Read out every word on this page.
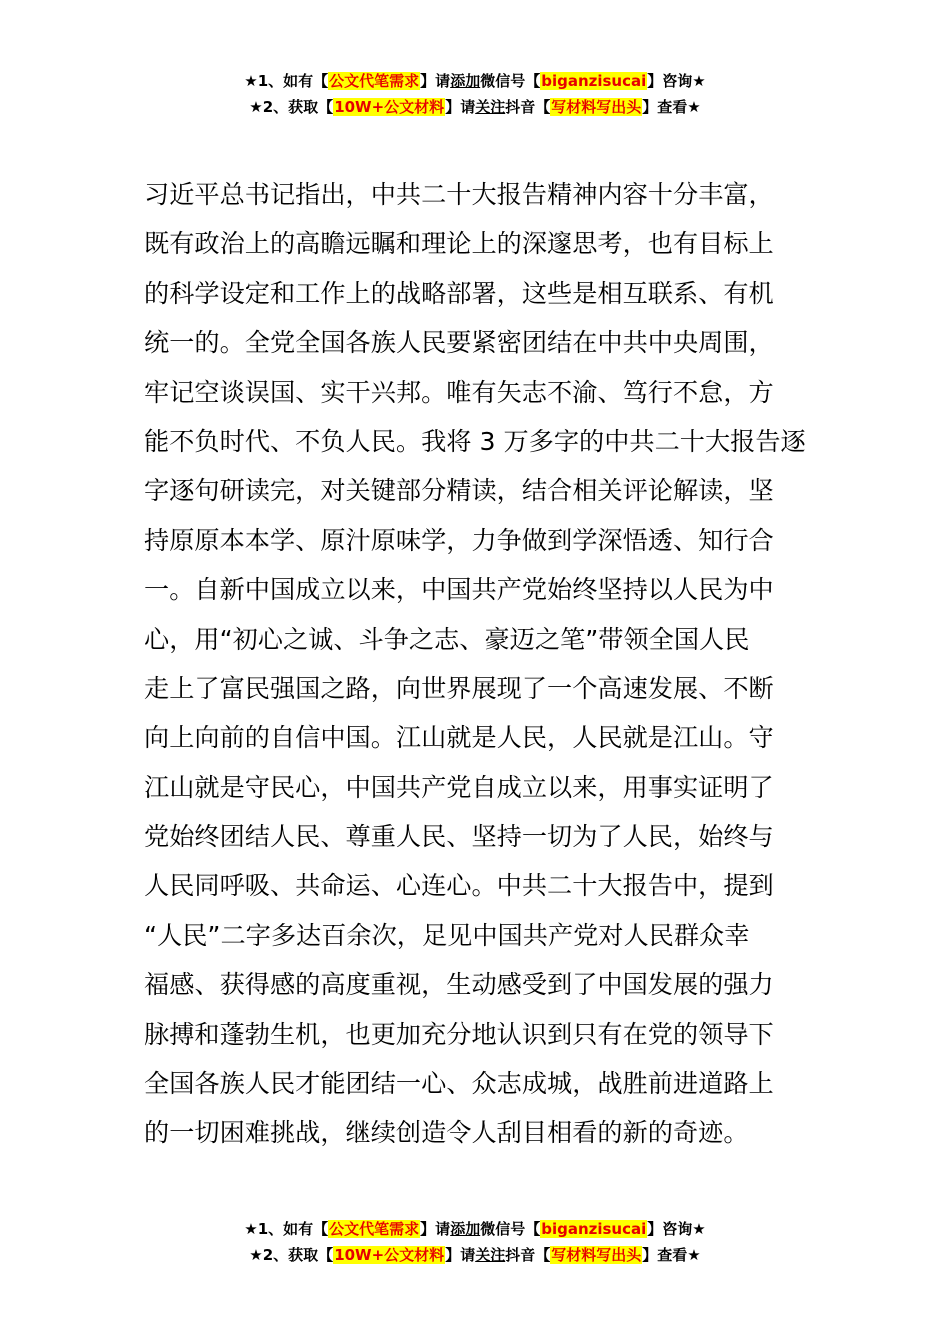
★1、如有【公文代笔需求】请添加微信号【biganzisucai】咨询★
★2、获取【10W+公文材料】请关注抖音【写材料写出头】查看★
习近平总书记指出，中共二十大报告精神内容十分丰富，
既有政治上的高瞻远瞩和理论上的深邃思考，也有目标上
的科学设定和工作上的战略部署，这些是相互联系、有机
统一的。全党全国各族人民要紧密团结在中共中央周围，
牢记空谈误国、实干兴邦。唯有矢志不渝、笃行不怠，方
能不负时代、不负人民。我将 3 万多字的中共二十大报告逐
字逐句研读完，对关键部分精读，结合相关评论解读，坚
持原原本本学、原汁原味学，力争做到学深悟透、知行合
一。自新中国成立以来，中国共产党始终坚持以人民为中
心，用“初心之诚、斗争之志、豪迈之笔”带领全国人民
走上了富民强国之路，向世界展现了一个高速发展、不断
向上向前的自信中国。江山就是人民，人民就是江山。守
江山就是守民心，中国共产党自成立以来，用事实证明了
党始终团结人民、尊重人民、坚持一切为了人民，始终与
人民同呼吸、共命运、心连心。中共二十大报告中，提到
“人民”二字多达百余次，足见中国共产党对人民群众幸
福感、获得感的高度重视，生动感受到了中国发展的强力
脉搏和蓬勃生机，也更加充分地认识到只有在党的领导下
全国各族人民才能团结一心、众志成城，战胜前进道路上
的一切困难挑战，继续创造令人刮目相看的新的奇迹。
★1、如有【公文代笔需求】请添加微信号【biganzisucai】咨询★
★2、获取【10W+公文材料】请关注抖音【写材料写出头】查看★
